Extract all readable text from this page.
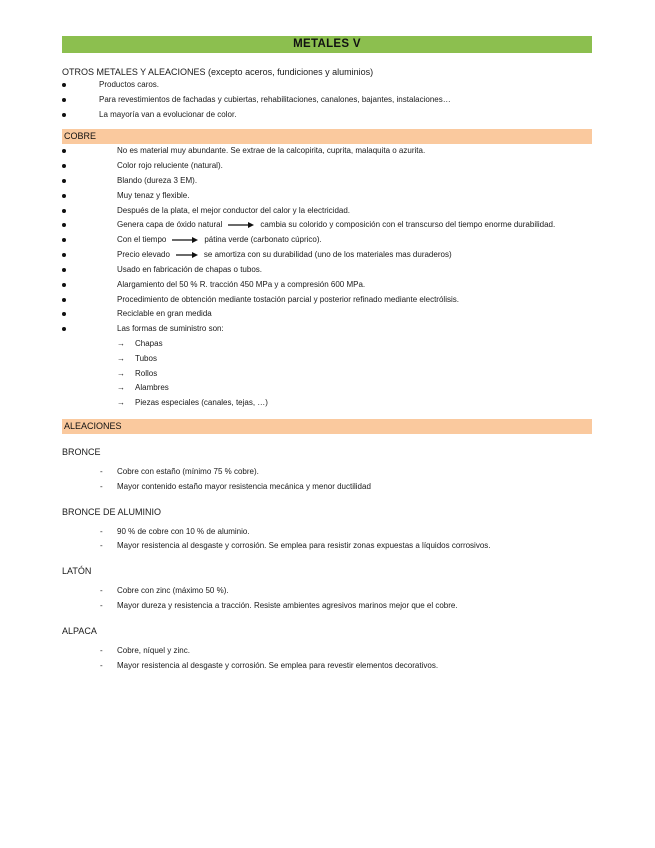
METALES V
OTROS METALES Y ALEACIONES (excepto aceros, fundiciones y aluminios)
Productos caros.
Para revestimientos de fachadas y cubiertas, rehabilitaciones, canalones, bajantes, instalaciones…
La mayoría van a evolucionar de color.
COBRE
No es material muy abundante. Se extrae de la calcopirita, cuprita, malaquita o azurita.
Color rojo reluciente (natural).
Blando (dureza 3 EM).
Muy tenaz y flexible.
Después de la plata, el mejor conductor del calor y la electricidad.
Genera capa de óxido natural	cambia su colorido y composición con el transcurso del tiempo enorme durabilidad.
Con el tiempo	pátina verde (carbonato cúprico).
Precio elevado	se amortiza con su durabilidad (uno de los materiales mas duraderos)
Usado en fabricación de chapas o tubos.
Alargamiento del 50 % R. tracción 450 MPa y a compresión 600 MPa.
Procedimiento de obtención mediante tostación parcial y posterior refinado mediante electrólisis.
Reciclable en gran medida
Las formas de suministro son:
→ Chapas
→ Tubos
→ Rollos
→ Alambres
→ Piezas especiales (canales, tejas, …)
ALEACIONES
BRONCE
- Cobre con estaño (mínimo 75 % cobre).
- Mayor contenido estaño mayor resistencia mecánica y menor ductilidad
BRONCE DE ALUMINIO
- 90 % de cobre con 10 % de aluminio.
- Mayor resistencia al desgaste y corrosión. Se emplea para resistir zonas expuestas a líquidos corrosivos.
LATÓN
- Cobre con zinc (máximo 50 %).
- Mayor dureza y resistencia a tracción. Resiste ambientes agresivos marinos mejor que el cobre.
ALPACA
- Cobre, níquel y zinc.
- Mayor resistencia al desgaste y corrosión. Se emplea para revestir elementos decorativos.
